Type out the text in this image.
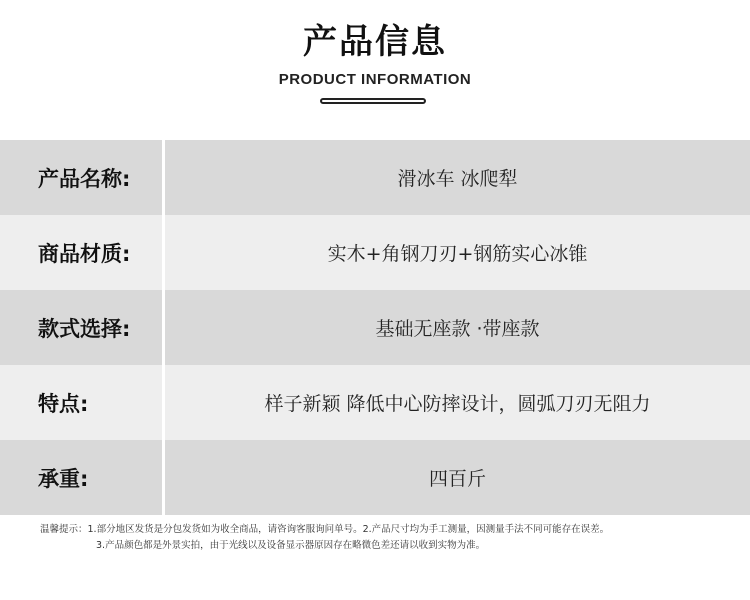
产品信息
PRODUCT INFORMATION
产品名称:	滑冰车 冰爬犁
商品材质:	实木+角钢刀刃+钢筋实心冰锥
款式选择:	基础无座款 ·带座款
特点:	样子新颖 降低中心防摔设计，圆弧刀刃无阻力
承重:	四百斤
温馨提示：1.部分地区发货是分包发货如为收全商品，请咨询客服询问单号。2.产品尺寸均为手工测量，因测量手法不同可能存在误差。
3.产品颜色都是外景实拍，由于光线以及设备显示器原因存在略微色差还请以收到实物为准。
